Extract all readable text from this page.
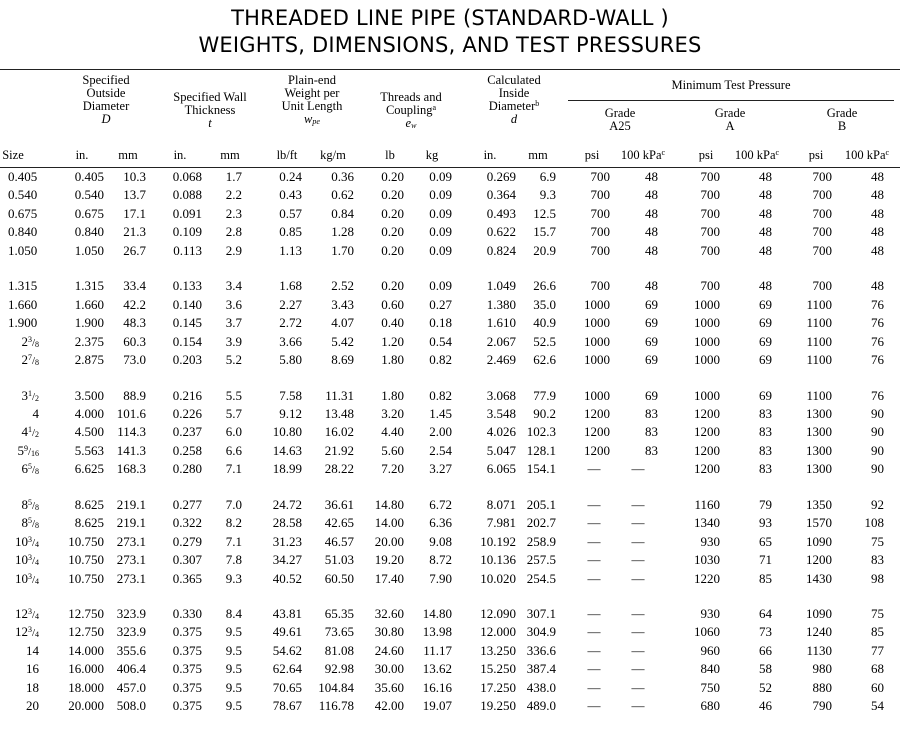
THREADED LINE PIPE (STANDARD-WALL )
WEIGHTS, DIMENSIONS, AND TEST PRESSURES
Specified
Outside
Diameter
D
Specified Wall
Thickness
t
Plain-end
Weight per
Unit Length
$w_{pe}$
Threads and
Coupling$^a$
$e_w$
Calculated
Inside
Diameter$^b$
d
Minimum Test Pressure
Grade
A25
Grade
A
Grade
B
Size	in.	mm	in.	mm	lb/ft	kg/m	lb	kg	in.	mm	psi	100 kPa$^c$	psi	100 kPa$^c$	psi	100 kPa$^c$
0.405	0.405	10.3	0.068	1.7	0.24	0.36	0.20	0.09	0.269	6.9	700	48	700	48	700	48
0.540	0.540	13.7	0.088	2.2	0.43	0.62	0.20	0.09	0.364	9.3	700	48	700	48	700	48
0.675	0.675	17.1	0.091	2.3	0.57	0.84	0.20	0.09	0.493	12.5	700	48	700	48	700	48
0.840	0.840	21.3	0.109	2.8	0.85	1.28	0.20	0.09	0.622	15.7	700	48	700	48	700	48
1.050	1.050	26.7	0.113	2.9	1.13	1.70	0.20	0.09	0.824	20.9	700	48	700	48	700	48
1.315	1.315	33.4	0.133	3.4	1.68	2.52	0.20	0.09	1.049	26.6	700	48	700	48	700	48
1.660	1.660	42.2	0.140	3.6	2.27	3.43	0.60	0.27	1.380	35.0	1000	69	1000	69	1100	76
1.900	1.900	48.3	0.145	3.7	2.72	4.07	0.40	0.18	1.610	40.9	1000	69	1000	69	1100	76
$2^3/_8$	2.375	60.3	0.154	3.9	3.66	5.42	1.20	0.54	2.067	52.5	1000	69	1000	69	1100	76
$2^7/_8$	2.875	73.0	0.203	5.2	5.80	8.69	1.80	0.82	2.469	62.6	1000	69	1000	69	1100	76
$3^1/_2$	3.500	88.9	0.216	5.5	7.58	11.31	1.80	0.82	3.068	77.9	1000	69	1000	69	1100	76
4	4.000 101.6	0.226	5.7	9.12	13.48	3.20	1.45	3.548	90.2	1200	83	1200	83	1300	90
$4^1/_2$	4.500	114.3	0.237	6.0	10.80	16.02	4.40	2.00	4.026 102.3	1200	83	1200	83	1300	90
$5^9/_{16}$	5.563 141.3	0.258	6.6	14.63	21.92	5.60	2.54	5.047 128.1	1200	83	1200	83	1300	90
$6^5/_8$	6.625 168.3	0.280	7.1	18.99	28.22	7.20	3.27	6.065 154.1	—	—	1200	83	1300	90
$8^5/_8$	8.625 219.1	0.277	7.0	24.72	36.61	14.80	6.72	8.071 205.1	—	—	1160	79	1350	92
$8^5/_8$	8.625 219.1	0.322	8.2	28.58	42.65	14.00	6.36	7.981 202.7	—	—	1340	93	1570	108
$10^3/_4$ 10.750 273.1	0.279	7.1	31.23	46.57	20.00	9.08	10.192 258.9	—	—	930	65	1090	75
$10^3/_4$ 10.750 273.1	0.307	7.8	34.27	51.03	19.20	8.72	10.136 257.5	—	—	1030	71	1200	83
$10^3/_4$ 10.750 273.1	0.365	9.3	40.52	60.50	17.40	7.90	10.020 254.5	—	—	1220	85	1430	98
$12^3/_4$ 12.750 323.9	0.330	8.4	43.81	65.35	32.60	14.80	12.090 307.1	—	—	930	64	1090	75
$12^3/_4$ 12.750 323.9	0.375	9.5	49.61	73.65	30.80	13.98	12.000 304.9	—	—	1060	73	1240	85
14 14.000 355.6	0.375	9.5	54.62	81.08	24.60	11.17	13.250 336.6	—	—	960	66	1130	77
16 16.000 406.4	0.375	9.5	62.64	92.98	30.00	13.62	15.250 387.4	—	—	840	58	980	68
18 18.000 457.0	0.375	9.5	70.65	104.84	35.60	16.16	17.250 438.0	—	—	750	52	880	60
20 20.000 508.0	0.375	9.5	78.67	116.78	42.00	19.07	19.250 489.0	—	—	680	46	790	54
